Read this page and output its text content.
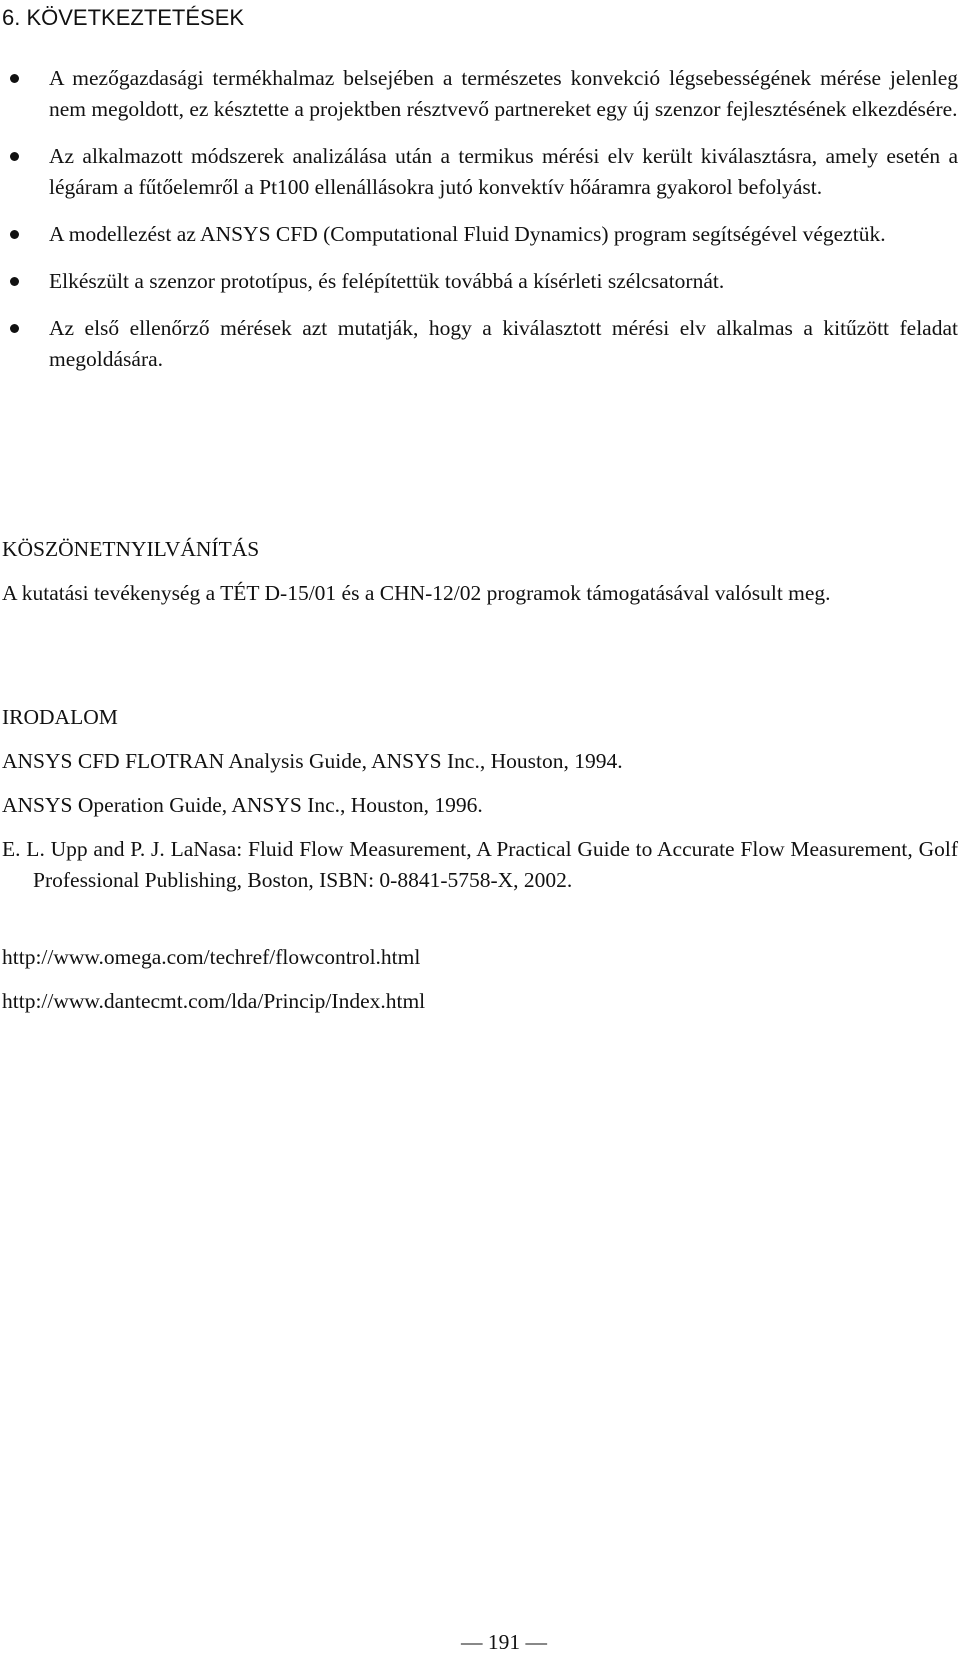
6. KÖVETKEZTETÉSEK
A mezőgazdasági termékhalmaz belsejében a természetes konvekció légsebességének mérése jelenleg nem megoldott, ez késztette a projektben résztvevő partnereket egy új szenzor fejlesztésének elkezdésére.
Az alkalmazott módszerek analizálása után a termikus mérési elv került kiválasztásra, amely esetén a légáram a fűtőelemről a Pt100 ellenállásokra jutó konvektív hőáramra gyakorol befolyást.
A modellezést az ANSYS CFD (Computational Fluid Dynamics) program segítségével végeztük.
Elkészült a szenzor prototípus, és felépítettük továbbá a kísérleti szélcsatornát.
Az első ellenőrző mérések azt mutatják, hogy a kiválasztott mérési elv alkalmas a kitűzött feladat megoldására.
KÖSZÖNETNYILVÁNÍTÁS
A kutatási tevékenység a TÉT D-15/01 és a CHN-12/02 programok támogatásával valósult meg.
IRODALOM
ANSYS CFD FLOTRAN Analysis Guide, ANSYS Inc., Houston, 1994.
ANSYS Operation Guide, ANSYS Inc., Houston, 1996.
E. L. Upp and P. J. LaNasa: Fluid Flow Measurement, A Practical Guide to Accurate Flow Measurement, Golf Professional Publishing, Boston, ISBN: 0-8841-5758-X, 2002.
http://www.omega.com/techref/flowcontrol.html
http://www.dantecmt.com/lda/Princip/Index.html
— 191 —
